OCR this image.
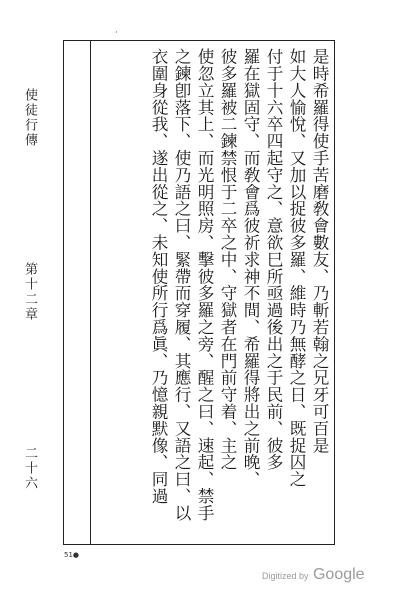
ʻ
使徒行傳
第十二章
二十六
是時希羅得使手苦磨敎會數友、乃斬若翰之兄牙可百是
如大人愉悅、又加以捉彼多羅、維時乃無酵之日、既捉囚之
付于十六卒四起守之、意欲巳所亟過後出之于民前、彼多
羅在獄固守、而敎會爲彼祈求神不間、希羅得將出之前晚、
彼多羅被二鍊禁恨于二卒之中、守獄者在門前守着、主之
使忽立其上、而光明照房、擊彼多羅之旁、醒之曰、速起、禁手
之鍊卽落下、使乃語之曰、緊帶而穿履、其應行、又語之曰、以
衣圍身從我、遂出從之、未知使所行爲眞、乃憶親默像、同過
51●
Digitized by Google
